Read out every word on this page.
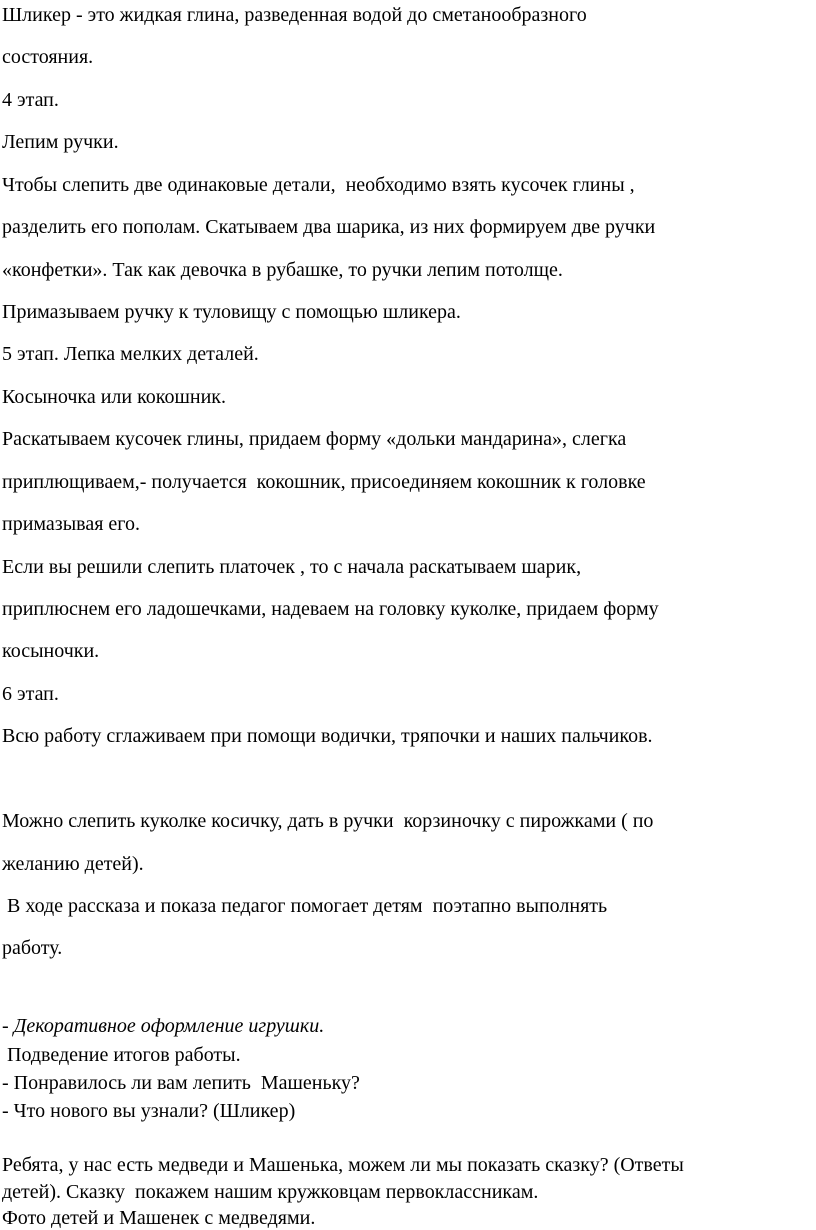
Шликер - это жидкая глина, разведенная водой до сметанообразного
состояния.
4 этап.
Лепим ручки.
Чтобы слепить две одинаковые детали,  необходимо взять кусочек глины ,
разделить его пополам. Скатываем два шарика, из них формируем две ручки
«конфетки». Так как девочка в рубашке, то ручки лепим потолще.
Примазываем ручку к туловищу с помощью шликера.
5 этап. Лепка мелких деталей.
Косыночка или кокошник.
Раскатываем кусочек глины, придаем форму «дольки мандарина», слегка
приплющиваем,- получается  кокошник, присоединяем кокошник к головке
примазывая его.
Если вы решили слепить платочек , то с начала раскатываем шарик,
приплюснем его ладошечками, надеваем на головку куколке, придаем форму
косыночки.
6 этап.
Всю работу сглаживаем при помощи водички, тряпочки и наших пальчиков.
Можно слепить куколке косичку, дать в ручки  корзиночку с пирожками ( по
желанию детей).
В ходе рассказа и показа педагог помогает детям  поэтапно выполнять
работу.
- Декоративное оформление игрушки.
Подведение итогов работы.
- Понравилось ли вам лепить  Машеньку?
- Что нового вы узнали? (Шликер)
Ребята, у нас есть медведи и Машенька, можем ли мы показать сказку? (Ответы
детей). Сказку  покажем нашим кружковцам первоклассникам.
Фото детей и Машенек с медведями.
